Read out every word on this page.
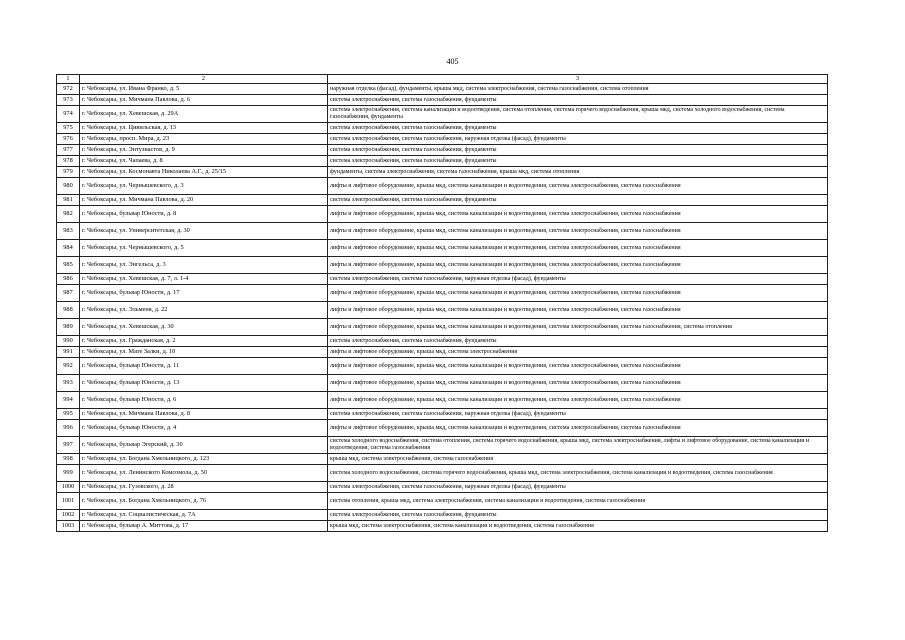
405
1	2	3
972	г. Чебоксары, ул. Ивана Франко, д. 5	наружная отделка (фасад), фундаменты, крыша мкд, система электроснабжения, система газоснабжения, система отопления
973	г. Чебоксары, ул. Мичмана Павлова, д. 6	система электроснабжения, система газоснабжения, фундаменты
974	г. Чебоксары, ул. Хевешская, д. 29А	система электроснабжения, система канализации и водоотведения, система отопления, система горячего водоснабжения, крыша мкд, система холодного водоснабжения, система газоснабжения, фундаменты
975	г. Чебоксары, ул. Цивильская, д. 13	система электроснабжения, система газоснабжения, фундаменты
976	г. Чебоксары, просп. Мира, д. 23	система электроснабжения, система газоснабжения, наружная отделка (фасад), фундаменты
977	г. Чебоксары, ул. Энтузиастов, д. 9	система электроснабжения, система газоснабжения, фундаменты
978	г. Чебоксары, ул. Чапаева, д. 8	система электроснабжения, система газоснабжения, фундаменты
979	г. Чебоксары, ул. Космонавта Николаева А.Г., д. 25/15	фундаменты, система электроснабжения, система газоснабжения, крыша мкд, система отопления
980	г. Чебоксары, ул. Чернышевского, д. 3	лифты и лифтовое оборудование, крыша мкд, система канализации и водоотведения, система электроснабжения, система газоснабжения
981	г. Чебоксары, ул. Мичмана Павлова, д. 20	система электроснабжения, система газоснабжения, фундаменты
982	г. Чебоксары, бульвар Юности, д. 8	лифты и лифтовое оборудование, крыша мкд, система канализации и водоотведения, система электроснабжения, система газоснабжения
983	г. Чебоксары, ул. Университетская, д. 30	лифты и лифтовое оборудование, крыша мкд, система канализации и водоотведения, система электроснабжения, система газоснабжения
984	г. Чебоксары, ул. Чернышевского, д. 5	лифты и лифтовое оборудование, крыша мкд, система канализации и водоотведения, система электроснабжения, система газоснабжения
985	г. Чебоксары, ул. Энгельса, д. 3	лифты и лифтовое оборудование, крыша мкд, система канализации и водоотведения, система электроснабжения, система газоснабжения
986	г. Чебоксары, ул. Хевешская, д. 7, л. 1-4	система электроснабжения, система газоснабжения, наружная отделка (фасад), фундаменты
987	г. Чебоксары, бульвар Юности, д. 17	лифты и лифтовое оборудование, крыша мкд, система канализации и водоотведения, система электроснабжения, система газоснабжения
988	г. Чебоксары, ул. Эльменя, д. 22	лифты и лифтовое оборудование, крыша мкд, система канализации и водоотведения, система электроснабжения, система газоснабжения
989	г. Чебоксары, ул. Хевешская, д. 30	лифты и лифтовое оборудование, крыша мкд, система канализации и водоотведения, система электроснабжения, система газоснабжения, система отопления
990	г. Чебоксары, ул. Гражданская, д. 2	система электроснабжения, система газоснабжения, фундаменты
991	г. Чебоксары, ул. Мате Залки, д. 10	лифты и лифтовое оборудование, крыша мкд, система электроснабжения
992	г. Чебоксары, бульвар Юности, д. 11	лифты и лифтовое оборудование, крыша мкд, система канализации и водоотведения, система электроснабжения, система газоснабжения
993	г. Чебоксары, бульвар Юности, д. 13	лифты и лифтовое оборудование, крыша мкд, система канализации и водоотведения, система электроснабжения, система газоснабжения
994	г. Чебоксары, бульвар Юности, д. 6	лифты и лифтовое оборудование, крыша мкд, система канализации и водоотведения, система электроснабжения, система газоснабжения
995	г. Чебоксары, ул. Мичмана Павлова, д. 8	система электроснабжения, система газоснабжения, наружная отделка (фасад), фундаменты
996	г. Чебоксары, бульвар Юности, д. 4	лифты и лифтовое оборудование, крыша мкд, система канализации и водоотведения, система электроснабжения, система газоснабжения
997	г. Чебоксары, бульвар Эгерский, д. 30	система холодного водоснабжения, система отопления, система горячего водоснабжения, крыша мкд, система электроснабжения, лифты и лифтовое оборудование, система канализации и водоотведения, система газоснабжения
998	г. Чебоксары, ул. Богдана Хмельницкого, д. 123	крыша мкд, система электроснабжения, система газоснабжения
999	г. Чебоксары, ул. Ленинского Комсомола, д. 50	система холодного водоснабжения, система горячего водоснабжения, крыша мкд, система электроснабжения, система канализации и водоотведения, система газоснабжения
1000	г. Чебоксары, ул. Гузовского, д. 28	система электроснабжения, система газоснабжения, наружная отделка (фасад), фундаменты
1001	г. Чебоксары, ул. Богдана Хмельницкого, д. 76	система отопления, крыша мкд, система электроснабжения, система канализации и водоотведения, система газоснабжения
1002	г. Чебоксары, ул. Социалистическая, д. 7А	система электроснабжения, система газоснабжения, фундаменты
1003	г. Чебоксары, бульвар А. Миттова, д. 17	крыша мкд, система электроснабжения, система канализации и водоотведения, система газоснабжения
